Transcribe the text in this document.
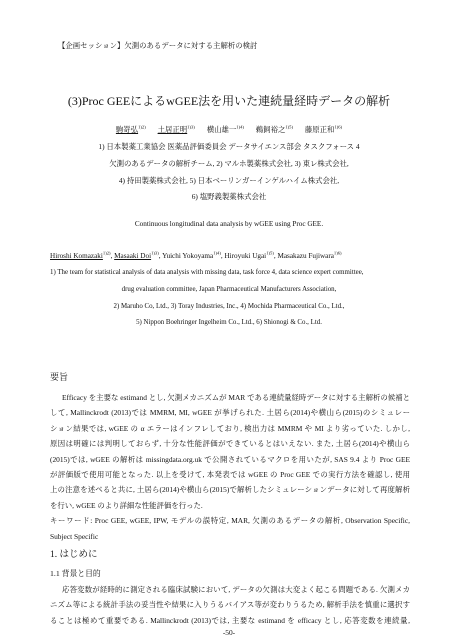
【企画セッション】欠測のあるデータに対する主解析の検討
(3)Proc GEEによるwGEE法を用いた連続量経時データの解析
駒嵜弘$^{1)2)}$ 土居正明$^{1)3)}$ 横山雄一$^{1)4)}$ 鵜飼裕之$^{1)5)}$ 藤原正和$^{1)6)}$
1) 日本製薬工業協会 医薬品評価委員会 データサイエンス部会 タスクフォース 4
欠測のあるデータの解析チーム, 2) マルホ製薬株式会社, 3) 東レ株式会社,
4) 持田製薬株式会社, 5) 日本ベーリンガーインゲルハイム株式会社,
6) 塩野義製薬株式会社
Continuous longitudinal data analysis by wGEE using Proc GEE.
Hiroshi Komazaki$^{1)2)}$, Masaaki Doi$^{1)3)}$, Yuichi Yokoyama$^{1)4)}$, Hiroyuki Ugai$^{1)5)}$, Masakazu Fujiwara$^{1)6)}$
1) The team for statistical analysis of data analysis with missing data, task force 4, data science expert committee,
drug evaluation committee, Japan Pharmaceutical Manufacturers Association,
2) Maruho Co, Ltd., 3) Toray Industries, Inc., 4) Mochida Pharmaceutical Co., Ltd.,
5) Nippon Boehringer Ingelheim Co., Ltd., 6) Shionogi & Co., Ltd.
要旨
Efficacy を主要な estimand とし, 欠測メカニズムが MAR である連続量経時データに対する主解析の候補と
して, Mallinckrodt (2013)では MMRM, MI, wGEE が挙げられた. 土居ら(2014)や横山ら(2015)のシミュレー
ション結果では, wGEE の α エラーはインフレしており, 検出力は MMRM や MI より劣っていた. しかし,
原因は明確には判明しておらず, 十分な性能評価ができているとはいえない. また, 土居ら(2014)や横山ら
(2015)では, wGEE の解析は missingdata.org.uk で公開されているマクロを用いたが, SAS 9.4 より Proc GEE
が評価版で使用可能となった. 以上を受けて, 本発表では wGEE の Proc GEE での実行方法を確認し, 使用
上の注意を述べると共に, 土居ら(2014)や横山ら(2015)で解析したシミュレーションデータに対して再度解析
を行い, wGEE のより詳細な性能評価を行った.
キーワード: Proc GEE, wGEE, IPW, モデルの誤特定, MAR, 欠測のあるデータの解析, Observation Specific,
Subject Specific
1. はじめに
1.1 背景と目的
応答変数が経時的に測定される臨床試験において, データの欠測は大変よく起こる問題である. 欠測メカ
ニズム等による統計手法の妥当性や結果に入りうるバイアス等が変わりうるため, 解析手法を慎重に選択す
ることは極めて重要である. Mallinckrodt (2013)では, 主要な estimand を efficacy とし, 応答変数を連続量,
-50-
